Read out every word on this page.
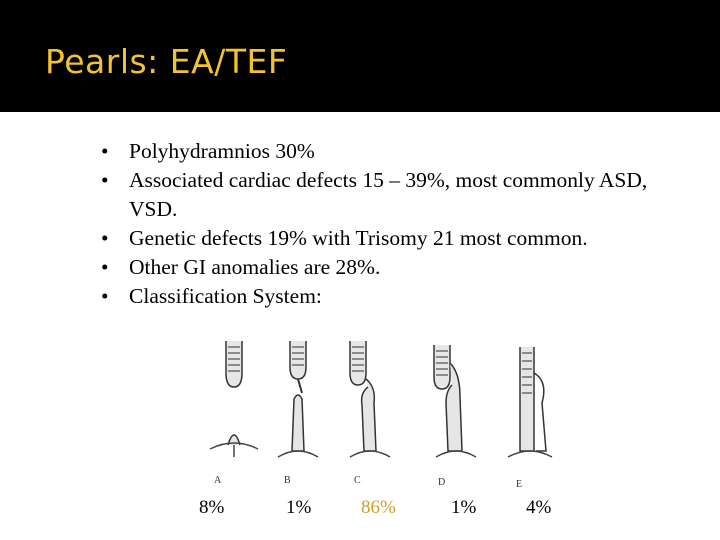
Pearls: EA/TEF
• Polyhydramnios 30%
• Associated cardiac defects 15 – 39%, most commonly ASD, VSD.
• Genetic defects 19% with Trisomy 21 most common.
• Other GI anomalies are 28%.
• Classification System:
A	B	C	D	E
8%	1%	86%	1%	4%
